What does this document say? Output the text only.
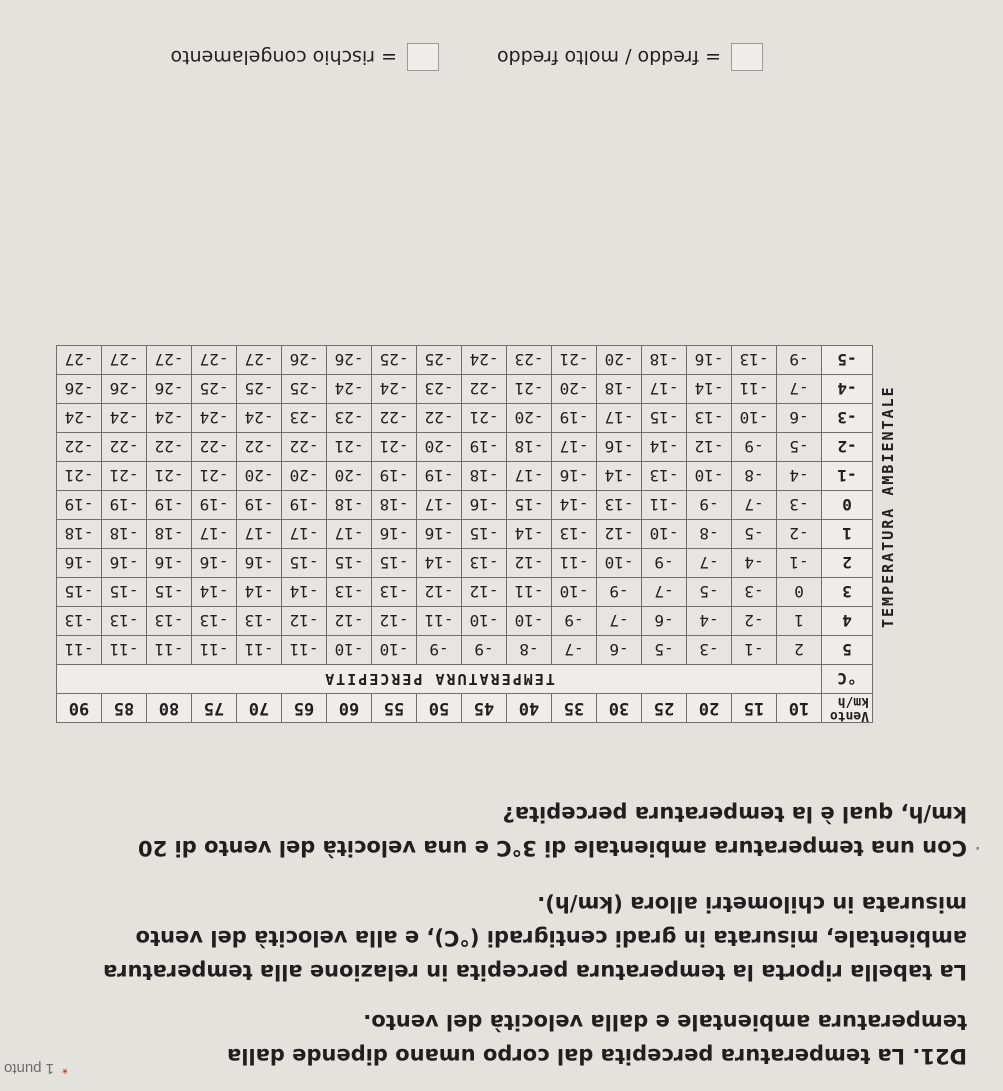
*1 punto

D21. La temperatura percepita dal corpo umano dipende dalla
temperatura ambientale e dalla velocità del vento.

La tabella riporta la temperatura percepita in relazione alla temperatura
ambientale, misurata in gradi centigradi (°C), e alla velocità del vento
misurata in chilometri allora (km/h).

·
Con una temperatura ambientale di 3°C e una velocità del vento di 20
km/h, qual è la temperatura percepita?

	Vento
km/h	10	15	20	25	30	35	40	45	50	55	60	65	70	75	80	85	90
	°C	TEMPERATURA PERCEPITA																
TEMPERATURA AMBIENTALE	5	2	-1	-3	-5	-6	-7	-8	-9	-9	-10	-10	-11	-11	-11	-11	-11	-11
	4	1	-2	-4	-6	-7	-9	-10	-10	-11	-12	-12	-12	-13	-13	-13	-13	-13
	3	0	-3	-5	-7	-9	-10	-11	-12	-12	-13	-13	-14	-14	-14	-15	-15	-15
	2	-1	-4	-7	-9	-10	-11	-12	-13	-14	-15	-15	-15	-16	-16	-16	-16	-16
	1	-2	-5	-8	-10	-12	-13	-14	-15	-16	-16	-17	-17	-17	-17	-18	-18	-18
	0	-3	-7	-9	-11	-13	-14	-15	-16	-17	-18	-18	-19	-19	-19	-19	-19	-19
	-1	-4	-8	-10	-13	-14	-16	-17	-18	-19	-19	-20	-20	-20	-21	-21	-21	-21
	-2	-5	-9	-12	-14	-16	-17	-18	-19	-20	-21	-21	-22	-22	-22	-22	-22	-22
	-3	-6	-10	-13	-15	-17	-19	-20	-21	-22	-22	-23	-23	-24	-24	-24	-24	-24
	-4	-7	-11	-14	-17	-18	-20	-21	-22	-23	-24	-24	-25	-25	-25	-26	-26	-26
	-5	-9	-13	-16	-18	-20	-21	-23	-24	-25	-25	-26	-26	-27	-27	-27	-27	-27
= freddo / molto freddo
= rischio congelamento
